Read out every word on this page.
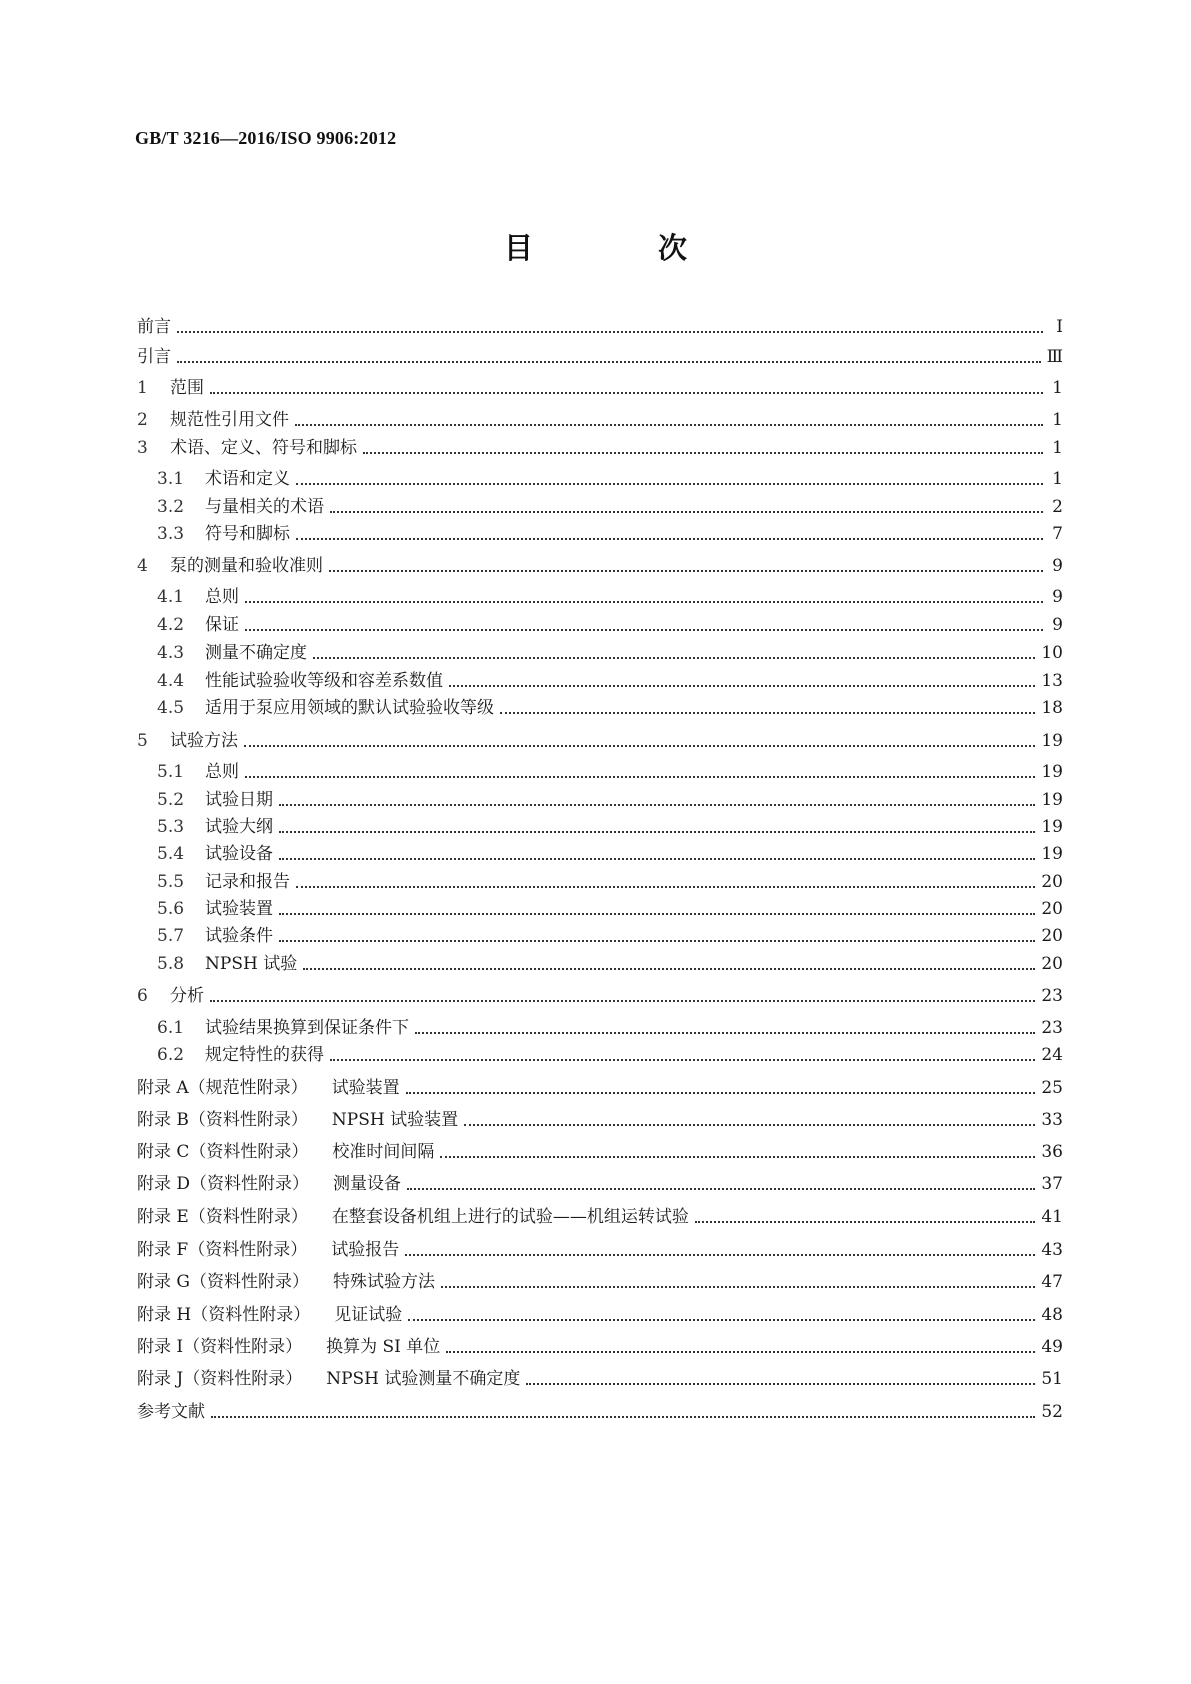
GB/T 3216—2016/ISO 9906:2012
目　次
前言	Ⅰ
引言	Ⅲ
1	范围	1
2	规范性引用文件	1
3	术语、定义、符号和脚标	1
3.1	术语和定义	1
3.2	与量相关的术语	2
3.3	符号和脚标	7
4	泵的测量和验收准则	9
4.1	总则	9
4.2	保证	9
4.3	测量不确定度	10
4.4	性能试验验收等级和容差系数值	13
4.5	适用于泵应用领域的默认试验验收等级	18
5	试验方法	19
5.1	总则	19
5.2	试验日期	19
5.3	试验大纲	19
5.4	试验设备	19
5.5	记录和报告	20
5.6	试验装置	20
5.7	试验条件	20
5.8	NPSH 试验	20
6	分析	23
6.1	试验结果换算到保证条件下	23
6.2	规定特性的获得	24
附录 A（规范性附录） 试验装置	25
附录 B（资料性附录） NPSH 试验装置	33
附录 C（资料性附录） 校准时间间隔	36
附录 D（资料性附录） 测量设备	37
附录 E（资料性附录） 在整套设备机组上进行的试验——机组运转试验	41
附录 F（资料性附录） 试验报告	43
附录 G（资料性附录） 特殊试验方法	47
附录 H（资料性附录） 见证试验	48
附录 I（资料性附录） 换算为 SI 单位	49
附录 J（资料性附录） NPSH 试验测量不确定度	51
参考文献	52
